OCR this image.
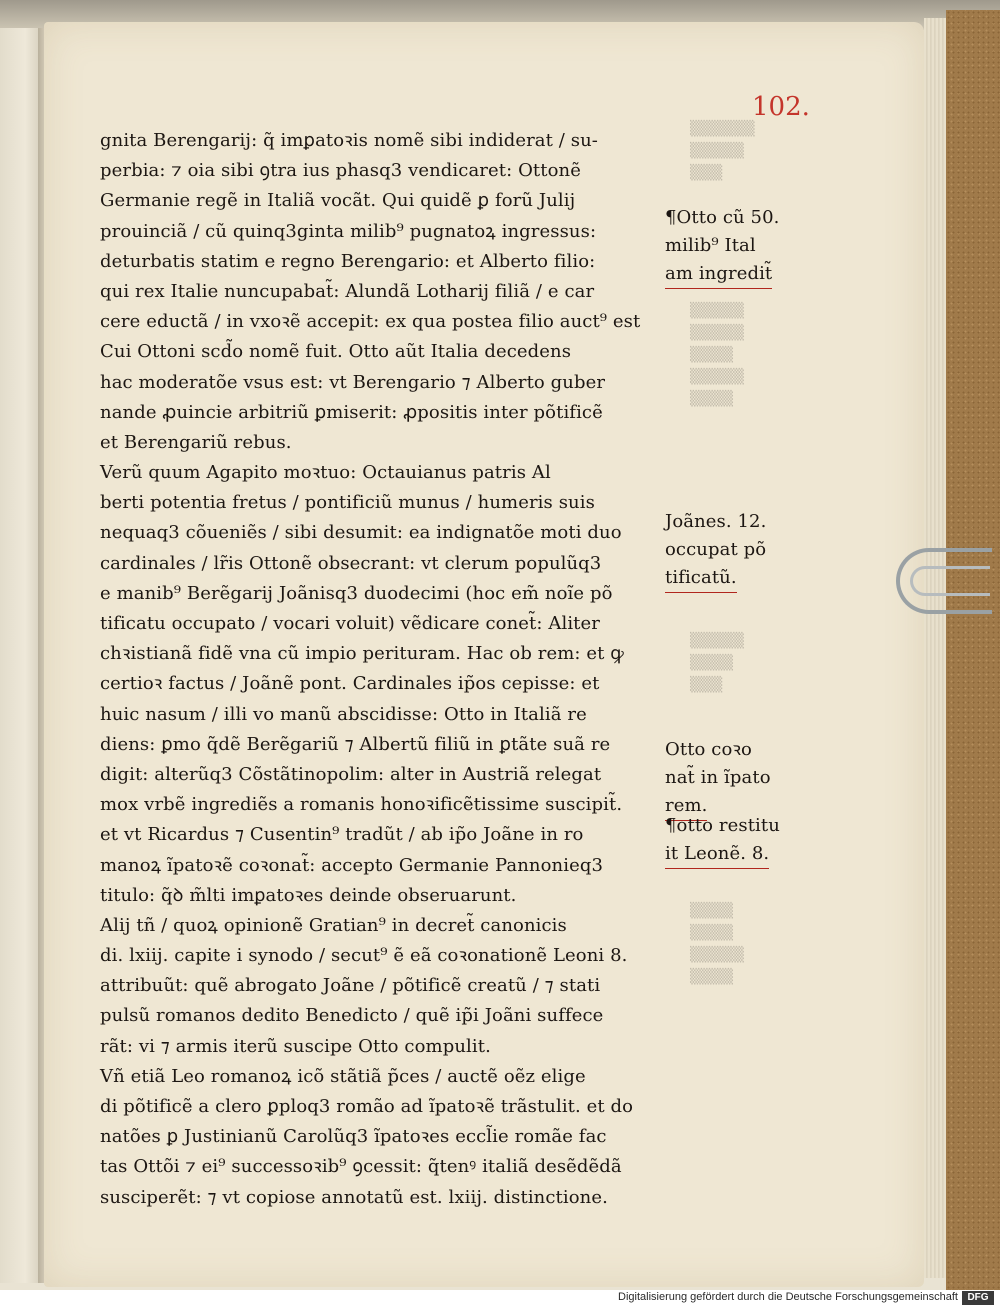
▒▒▒▒▒▒
▒▒▒▒▒
▒▒▒
▒▒▒▒▒
▒▒▒▒▒
▒▒▒▒
▒▒▒▒▒
▒▒▒▒
▒▒▒▒▒
▒▒▒▒
▒▒▒
▒▒▒▒
▒▒▒▒
▒▒▒▒▒
▒▒▒▒
102.
gnita Berengarij: q̃ imꝑatoꝛis nomẽ sibi indiderat / su-
perbia: ⁊ oia sibi ꝯtra ius phasq3 vendicaret: Ottonẽ
Germanie regẽ in Italiã vocãt. Qui quidẽ ꝑ forũ Julij
prouinciã / cũ quinq3ginta milib⁹ pugnatoꝝ ingressus:
deturbatis statim e regno Berengario: et Alberto filio:
qui rex Italie nuncupabat̃: Alundã Lotharij filiã / e car
cere eductã / in vxoꝛẽ accepit: ex qua postea filio auct⁹ est
Cui Ottoni scd̃o nomẽ fuit. Otto aũt Italia decedens
hac moderatõe vsus est: vt Berengario ⁊ Alberto guber
nande ꝓuincie arbitriũ ꝑmiserit: ꝓpositis inter põtificẽ
et Berengariũ rebus.
Verũ quum Agapito moꝛtuo: Octauianus patris Al
berti potentia fretus / pontificiũ munus / humeris suis
nequaq3 cõueniẽs / sibi desumit: ea indignatõe moti duo
cardinales / lr̃is Ottonẽ obsecrant: vt clerum populũq3
e manib⁹ Berẽgarij Joãnisq3 duodecimi (hoc em̃ noĩe põ
tificatu occupato / vocari voluit) vẽdicare conet̃: Aliter
chꝛistianã fidẽ vna cũ impio perituram. Hac ob rem: et ꝙ
certioꝛ factus / Joãnẽ pont. Cardinales ip̃os cepisse: et
huic nasum / illi vo manũ abscidisse: Otto in Italiã re
diens: ꝑmo q̃dẽ Berẽgariũ ⁊ Albertũ filiũ in ꝑtãte suã re
digit: alterũq3 Cõstãtinopolim: alter in Austriã relegat
mox vrbẽ ingrediẽs a romanis honoꝛificẽtissime suscipit̃.
et vt Ricardus ⁊ Cusentin⁹ tradũt / ab ip̃o Joãne in ro
manoꝝ ĩpatoꝛẽ coꝛonat̃: accepto Germanie Pannonieq3
titulo: q̃ꝺ m̃lti imꝑatoꝛes deinde obseruarunt.
Alij tñ / quoꝝ opinionẽ Gratian⁹ in decret̃ canonicis
di. lxiij. capite i synodo / secut⁹ ẽ eã coꝛonationẽ Leoni 8.
attribuũt: quẽ abrogato Joãne / põtificẽ creatũ / ⁊ stati
pulsũ romanos dedito Benedicto / quẽ ip̃i Joãni suffece
rãt: vi ⁊ armis iterũ suscipe Otto compulit.
Vñ etiã Leo romanoꝝ icõ stãtiã p̃ces / auctẽ oẽz elige
di põtificẽ a clero ꝑploq3 romão ad ĩpatoꝛẽ trãstulit. et do
natões ꝑ Justinianũ Carolũq3 ĩpatoꝛes eccl̃ie romãe fac
tas Ottõi ⁊ ei⁹ successoꝛib⁹ ꝯcessit: q̃tenꝰ italiã desẽdẽdã
susciperẽt: ⁊ vt copiose annotatũ est. lxiij. distinctione.
¶Otto cũ 50.
milib⁹ Ital
am ingredit̃
Joãnes. 12.
occupat põ
tificatũ.
Otto coꝛo
nat̃ in ĩpato
rem.
¶otto restitu
it Leonẽ. 8.
Digitalisierung gefördert durch die Deutsche Forschungsgemeinschaft DFG
